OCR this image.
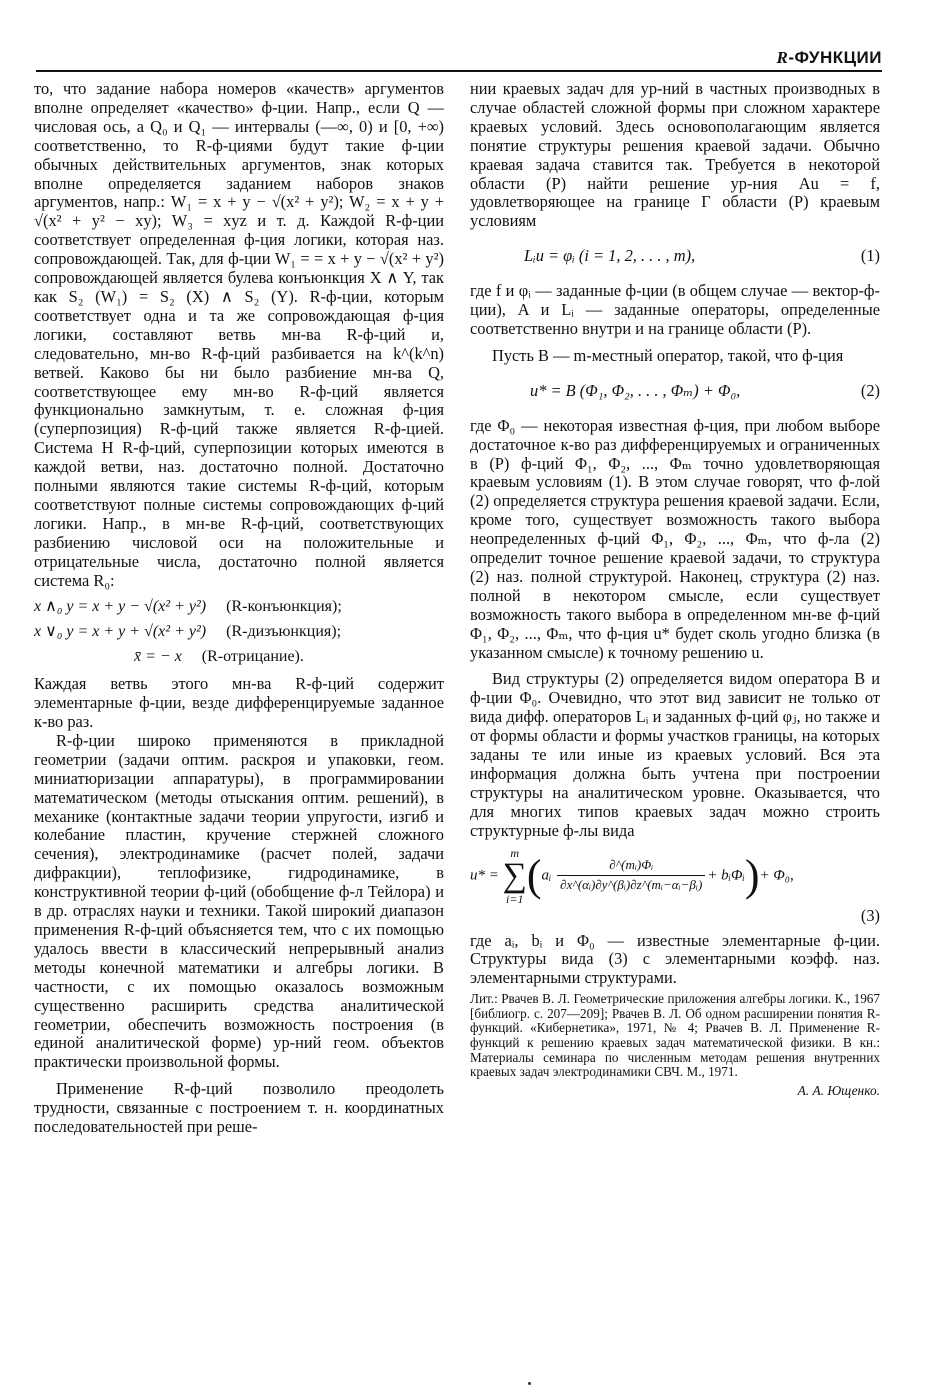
R-ФУНКЦИИ

то, что задание набора номеров «качеств» аргументов вполне определяет «качество» ф-ции. Напр., если Q — числовая ось, а Q₀ и Q₁ — интервалы (—∞, 0) и [0, +∞) соответственно, то R-ф-циями будут такие ф-ции обычных действительных аргументов, знак которых вполне определяется заданием наборов знаков аргументов, напр.: W₁ = x + y − √(x² + y²); W₂ = x + y + √(x² + y² − xy); W₃ = xyz и т. д. Каждой R-ф-ции соответствует определенная ф-ция логики, которая наз. сопровождающей. Так, для ф-ции W₁ = = x + y − √(x² + y²) сопровождающей является булева конъюнкция X ∧ Y, так как S₂ (W₁) = S₂ (X) ∧ S₂ (Y). R-ф-ции, которым соответствует одна и та же сопровождающая ф-ция логики, составляют ветвь мн-ва R-ф-ций и, следовательно, мн-во R-ф-ций разбивается на k^(k^n) ветвей. Каково бы ни было разбиение мн-ва Q, соответствующее ему мн-во R-ф-ций является функционально замкнутым, т. е. сложная ф-ция (суперпозиция) R-ф-ций также является R-ф-цией. Система H R-ф-ций, суперпозиции которых имеются в каждой ветви, наз. достаточно полной. Достаточно полными являются такие системы R-ф-ций, которым соответствуют полные системы сопровождающих ф-ций логики. Напр., в мн-ве R-ф-ций, соответствующих разбиению числовой оси на положительные и отрицательные числа, достаточно полной является система R₀:

x ∧₀ y = x + y − √(x² + y²) (R-конъюнкция);
x ∨₀ y = x + y + √(x² + y²) (R-дизъюнкция);
x̄ = − x (R-отрицание).

Каждая ветвь этого мн-ва R-ф-ций содержит элементарные ф-ции, везде дифференцируемые заданное к-во раз.

R-ф-ции широко применяются в прикладной геометрии (задачи оптим. раскроя и упаковки, геом. миниатюризации аппаратуры), в программировании математическом (методы отыскания оптим. решений), в механике (контактные задачи теории упругости, изгиб и колебание пластин, кручение стержней сложного сечения), электродинамике (расчет полей, задачи дифракции), теплофизике, гидродинамике, в конструктивной теории ф-ций (обобщение ф-л Тейлора) и в др. отраслях науки и техники. Такой широкий диапазон применения R-ф-ций объясняется тем, что с их помощью удалось ввести в классический непрерывный анализ методы конечной математики и алгебры логики. В частности, с их помощью оказалось возможным существенно расширить средства аналитической геометрии, обеспечить возможность построения (в единой аналитической форме) ур-ний геом. объектов практически произвольной формы.

Применение R-ф-ций позволило преодолеть трудности, связанные с построением т. н. координатных последовательностей при реше-

нии краевых задач для ур-ний в частных производных в случае областей сложной формы при сложном характере краевых условий. Здесь основополагающим является понятие структуры решения краевой задачи. Обычно краевая задача ставится так. Требуется в некоторой области (P) найти решение ур-ния Au = f, удовлетворяющее на границе Γ области (P) краевым условиям

Lᵢu = φᵢ (i = 1, 2, . . . , m),	(1)

где f и φᵢ — заданные ф-ции (в общем случае — вектор-ф-ции), A и Lᵢ — заданные операторы, определенные соответственно внутри и на границе области (P).

Пусть B — m-местный оператор, такой, что ф-ция

u* = B (Φ₁, Φ₂, . . . , Φₘ) + Φ₀,	(2)

где Φ₀ — некоторая известная ф-ция, при любом выборе достаточное к-во раз дифференцируемых и ограниченных в (P) ф-ций Φ₁, Φ₂, ..., Φₘ точно удовлетворяющая краевым условиям (1). В этом случае говорят, что ф-лой (2) определяется структура решения краевой задачи. Если, кроме того, существует возможность такого выбора неопределенных ф-ций Φ₁, Φ₂, ..., Φₘ, что ф-ла (2) определит точное решение краевой задачи, то структура (2) наз. полной структурой. Наконец, структура (2) наз. полной в некотором смысле, если существует возможность такого выбора в определенном мн-ве ф-ций Φ₁, Φ₂, ..., Φₘ, что ф-ция u* будет сколь угодно близка (в указанном смысле) к точному решению u.

Вид структуры (2) определяется видом оператора B и ф-ции Φ₀. Очевидно, что этот вид зависит не только от вида дифф. операторов Lᵢ и заданных ф-ций φⱼ, но также и от формы области и формы участков границы, на которых заданы те или иные из краевых условий. Вся эта информация должна быть учтена при построении структуры на аналитическом уровне. Оказывается, что для многих типов краевых задач можно строить структурные ф-лы вида

u* =
m
∑
i=1 (aᵢ $\frac{\text{∂\textasciicircum{}(mᵢ)Φᵢ}}{\text{∂x\textasciicircum{}(αᵢ)∂y\textasciicircum{}(βᵢ)∂z\textasciicircum{}(mᵢ−αᵢ−βᵢ)}}$ + bᵢΦᵢ)+ Φ₀,
(3)

где aᵢ, bᵢ и Φ₀ — известные элементарные ф-ции. Структуры вида (3) с элементарными коэфф. наз. элементарными структурами.

Лит.: Рвачев В. Л. Геометрические приложения алгебры логики. К., 1967 [библиогр. с. 207—209]; Рвачев В. Л. Об одном расширении понятия R-функций. «Кибернетика», 1971, № 4; Рвачев В. Л. Применение R-функций к решению краевых задач математической физики. В кн.: Материалы семинара по численным методам решения внутренних краевых задач электродинамики СВЧ. М., 1971.
А. А. Ющенко.
